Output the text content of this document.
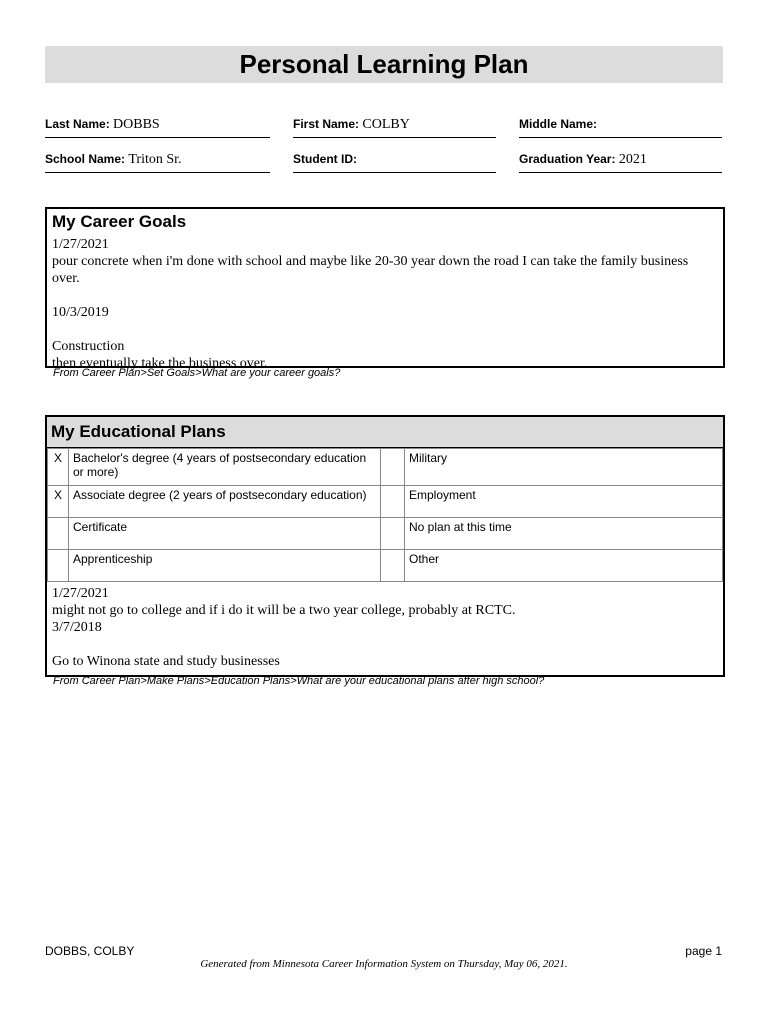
Personal Learning Plan
Last Name: DOBBS	First Name: COLBY	Middle Name:
School Name: Triton Sr.	Student ID:	Graduation Year: 2021
My Career Goals
1/27/2021
pour concrete when i'm done with school and maybe like 20-30 year down the road I can take the family business over.
10/3/2019
Construction
then eventually take the business over.
From Career Plan>Set Goals>What are your career goals?
My Educational Plans
X	Bachelor's degree (4 years of postsecondary education or more)		Military
X	Associate degree (2 years of postsecondary education)		Employment
	Certificate		No plan at this time
	Apprenticeship		Other
1/27/2021
might not go to college and if i do it will be a two year college, probably at RCTC.
3/7/2018
Go to Winona state and study businesses
From Career Plan>Make Plans>Education Plans>What are your educational plans after high school?
DOBBS, COLBY	page 1
Generated from Minnesota Career Information System on Thursday, May 06, 2021.
